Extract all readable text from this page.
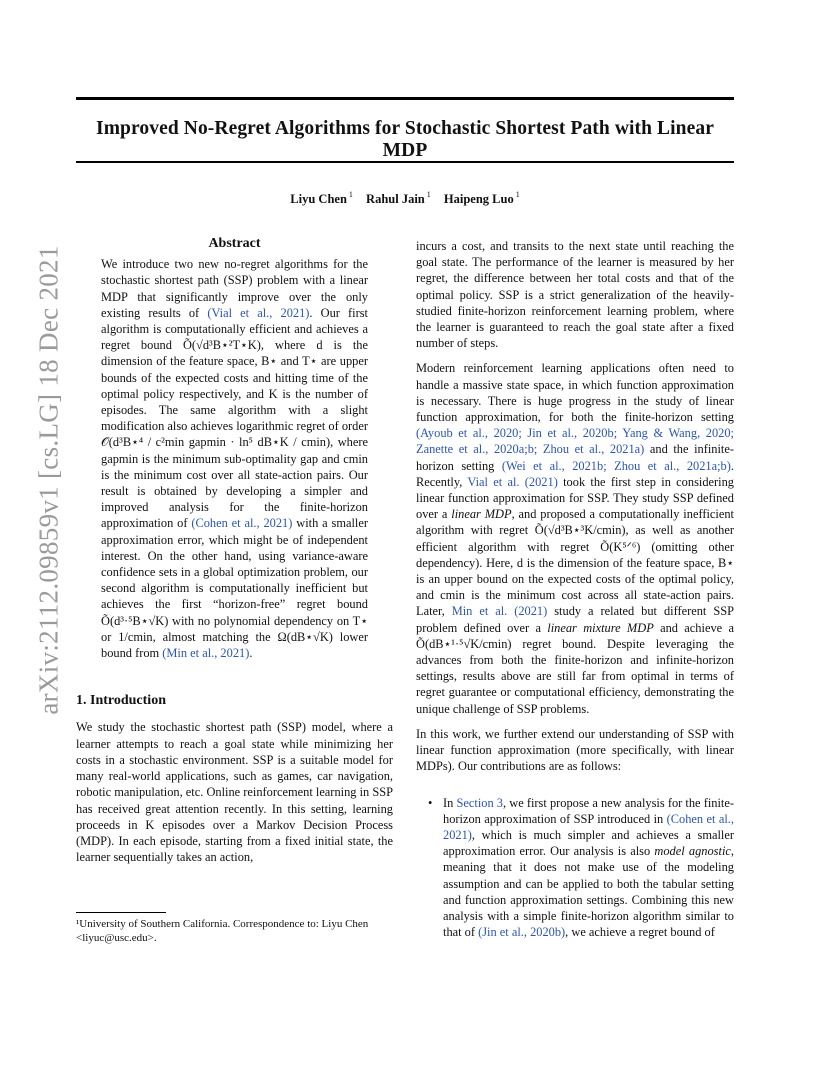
arXiv:2112.09859v1 [cs.LG] 18 Dec 2021
Improved No-Regret Algorithms for Stochastic Shortest Path with Linear MDP
Liyu Chen $^1$ Rahul Jain $^1$ Haipeng Luo $^1$
Abstract

We introduce two new no-regret algorithms for the stochastic shortest path (SSP) problem with a linear MDP that significantly improve over the only existing results of (Vial et al., 2021). Our first algorithm is computationally efficient and achieves a regret bound Õ(√d³B⋆²T⋆K), where d is the dimension of the feature space, B⋆ and T⋆ are upper bounds of the expected costs and hitting time of the optimal policy respectively, and K is the number of episodes. The same algorithm with a slight modification also achieves logarithmic regret of order 𝒪(d³B⋆⁴ / c²min gapmin · ln⁵ dB⋆K / cmin), where gapmin is the minimum sub-optimality gap and cmin is the minimum cost over all state-action pairs. Our result is obtained by developing a simpler and improved analysis for the finite-horizon approximation of (Cohen et al., 2021) with a smaller approximation error, which might be of independent interest. On the other hand, using variance-aware confidence sets in a global optimization problem, our second algorithm is computationally inefficient but achieves the first “horizon-free” regret bound Õ(d³·⁵B⋆√K) with no polynomial dependency on T⋆ or 1/cmin, almost matching the Ω(dB⋆√K) lower bound from (Min et al., 2021).

1. Introduction

We study the stochastic shortest path (SSP) model, where a learner attempts to reach a goal state while minimizing her costs in a stochastic environment. SSP is a suitable model for many real-world applications, such as games, car navigation, robotic manipulation, etc. Online reinforcement learning in SSP has received great attention recently. In this setting, learning proceeds in K episodes over a Markov Decision Process (MDP). In each episode, starting from a fixed initial state, the learner sequentially takes an action,

¹University of Southern California. Correspondence to: Liyu Chen <liyuc@usc.edu>.

incurs a cost, and transits to the next state until reaching the goal state. The performance of the learner is measured by her regret, the difference between her total costs and that of the optimal policy. SSP is a strict generalization of the heavily-studied finite-horizon reinforcement learning problem, where the learner is guaranteed to reach the goal state after a fixed number of steps.

Modern reinforcement learning applications often need to handle a massive state space, in which function approximation is necessary. There is huge progress in the study of linear function approximation, for both the finite-horizon setting (Ayoub et al., 2020; Jin et al., 2020b; Yang & Wang, 2020; Zanette et al., 2020a;b; Zhou et al., 2021a) and the infinite-horizon setting (Wei et al., 2021b; Zhou et al., 2021a;b). Recently, Vial et al. (2021) took the first step in considering linear function approximation for SSP. They study SSP defined over a linear MDP, and proposed a computationally inefficient algorithm with regret Õ(√d³B⋆³K/cmin), as well as another efficient algorithm with regret Õ(K⁵ᐟ⁶) (omitting other dependency). Here, d is the dimension of the feature space, B⋆ is an upper bound on the expected costs of the optimal policy, and cmin is the minimum cost across all state-action pairs. Later, Min et al. (2021) study a related but different SSP problem defined over a linear mixture MDP and achieve a Õ(dB⋆¹·⁵√K/cmin) regret bound. Despite leveraging the advances from both the finite-horizon and infinite-horizon settings, results above are still far from optimal in terms of regret guarantee or computational efficiency, demonstrating the unique challenge of SSP problems.

In this work, we further extend our understanding of SSP with linear function approximation (more specifically, with linear MDPs). Our contributions are as follows:

• In Section 3, we first propose a new analysis for the finite-horizon approximation of SSP introduced in (Cohen et al., 2021), which is much simpler and achieves a smaller approximation error. Our analysis is also model agnostic, meaning that it does not make use of the modeling assumption and can be applied to both the tabular setting and function approximation settings. Combining this new analysis with a simple finite-horizon algorithm similar to that of (Jin et al., 2020b), we achieve a regret bound of
